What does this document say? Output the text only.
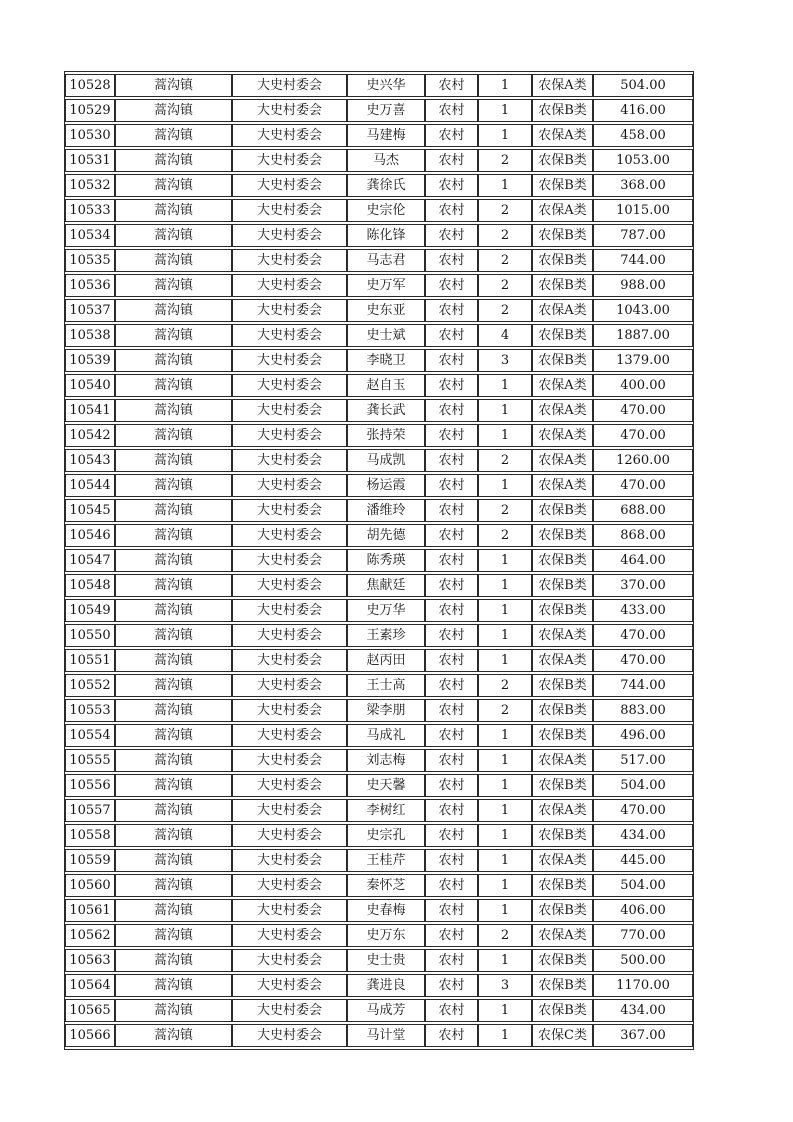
10528	蒿沟镇	大史村委会	史兴华	农村	1	农保A类	504.00
10529	蒿沟镇	大史村委会	史万喜	农村	1	农保B类	416.00
10530	蒿沟镇	大史村委会	马建梅	农村	1	农保A类	458.00
10531	蒿沟镇	大史村委会	马杰	农村	2	农保B类	1053.00
10532	蒿沟镇	大史村委会	龚徐氏	农村	1	农保B类	368.00
10533	蒿沟镇	大史村委会	史宗伦	农村	2	农保A类	1015.00
10534	蒿沟镇	大史村委会	陈化锋	农村	2	农保B类	787.00
10535	蒿沟镇	大史村委会	马志君	农村	2	农保B类	744.00
10536	蒿沟镇	大史村委会	史万军	农村	2	农保B类	988.00
10537	蒿沟镇	大史村委会	史东亚	农村	2	农保A类	1043.00
10538	蒿沟镇	大史村委会	史士斌	农村	4	农保B类	1887.00
10539	蒿沟镇	大史村委会	李晓卫	农村	3	农保B类	1379.00
10540	蒿沟镇	大史村委会	赵自玉	农村	1	农保A类	400.00
10541	蒿沟镇	大史村委会	龚长武	农村	1	农保A类	470.00
10542	蒿沟镇	大史村委会	张持荣	农村	1	农保A类	470.00
10543	蒿沟镇	大史村委会	马成凯	农村	2	农保A类	1260.00
10544	蒿沟镇	大史村委会	杨运霞	农村	1	农保A类	470.00
10545	蒿沟镇	大史村委会	潘维玲	农村	2	农保B类	688.00
10546	蒿沟镇	大史村委会	胡先德	农村	2	农保B类	868.00
10547	蒿沟镇	大史村委会	陈秀瑛	农村	1	农保B类	464.00
10548	蒿沟镇	大史村委会	焦献廷	农村	1	农保B类	370.00
10549	蒿沟镇	大史村委会	史万华	农村	1	农保B类	433.00
10550	蒿沟镇	大史村委会	王素珍	农村	1	农保A类	470.00
10551	蒿沟镇	大史村委会	赵丙田	农村	1	农保A类	470.00
10552	蒿沟镇	大史村委会	王士高	农村	2	农保B类	744.00
10553	蒿沟镇	大史村委会	梁李朋	农村	2	农保B类	883.00
10554	蒿沟镇	大史村委会	马成礼	农村	1	农保B类	496.00
10555	蒿沟镇	大史村委会	刘志梅	农村	1	农保A类	517.00
10556	蒿沟镇	大史村委会	史天馨	农村	1	农保B类	504.00
10557	蒿沟镇	大史村委会	李树红	农村	1	农保A类	470.00
10558	蒿沟镇	大史村委会	史宗孔	农村	1	农保B类	434.00
10559	蒿沟镇	大史村委会	王桂芹	农村	1	农保A类	445.00
10560	蒿沟镇	大史村委会	秦怀芝	农村	1	农保B类	504.00
10561	蒿沟镇	大史村委会	史春梅	农村	1	农保B类	406.00
10562	蒿沟镇	大史村委会	史万东	农村	2	农保A类	770.00
10563	蒿沟镇	大史村委会	史士贵	农村	1	农保B类	500.00
10564	蒿沟镇	大史村委会	龚进良	农村	3	农保B类	1170.00
10565	蒿沟镇	大史村委会	马成芳	农村	1	农保B类	434.00
10566	蒿沟镇	大史村委会	马计堂	农村	1	农保C类	367.00
